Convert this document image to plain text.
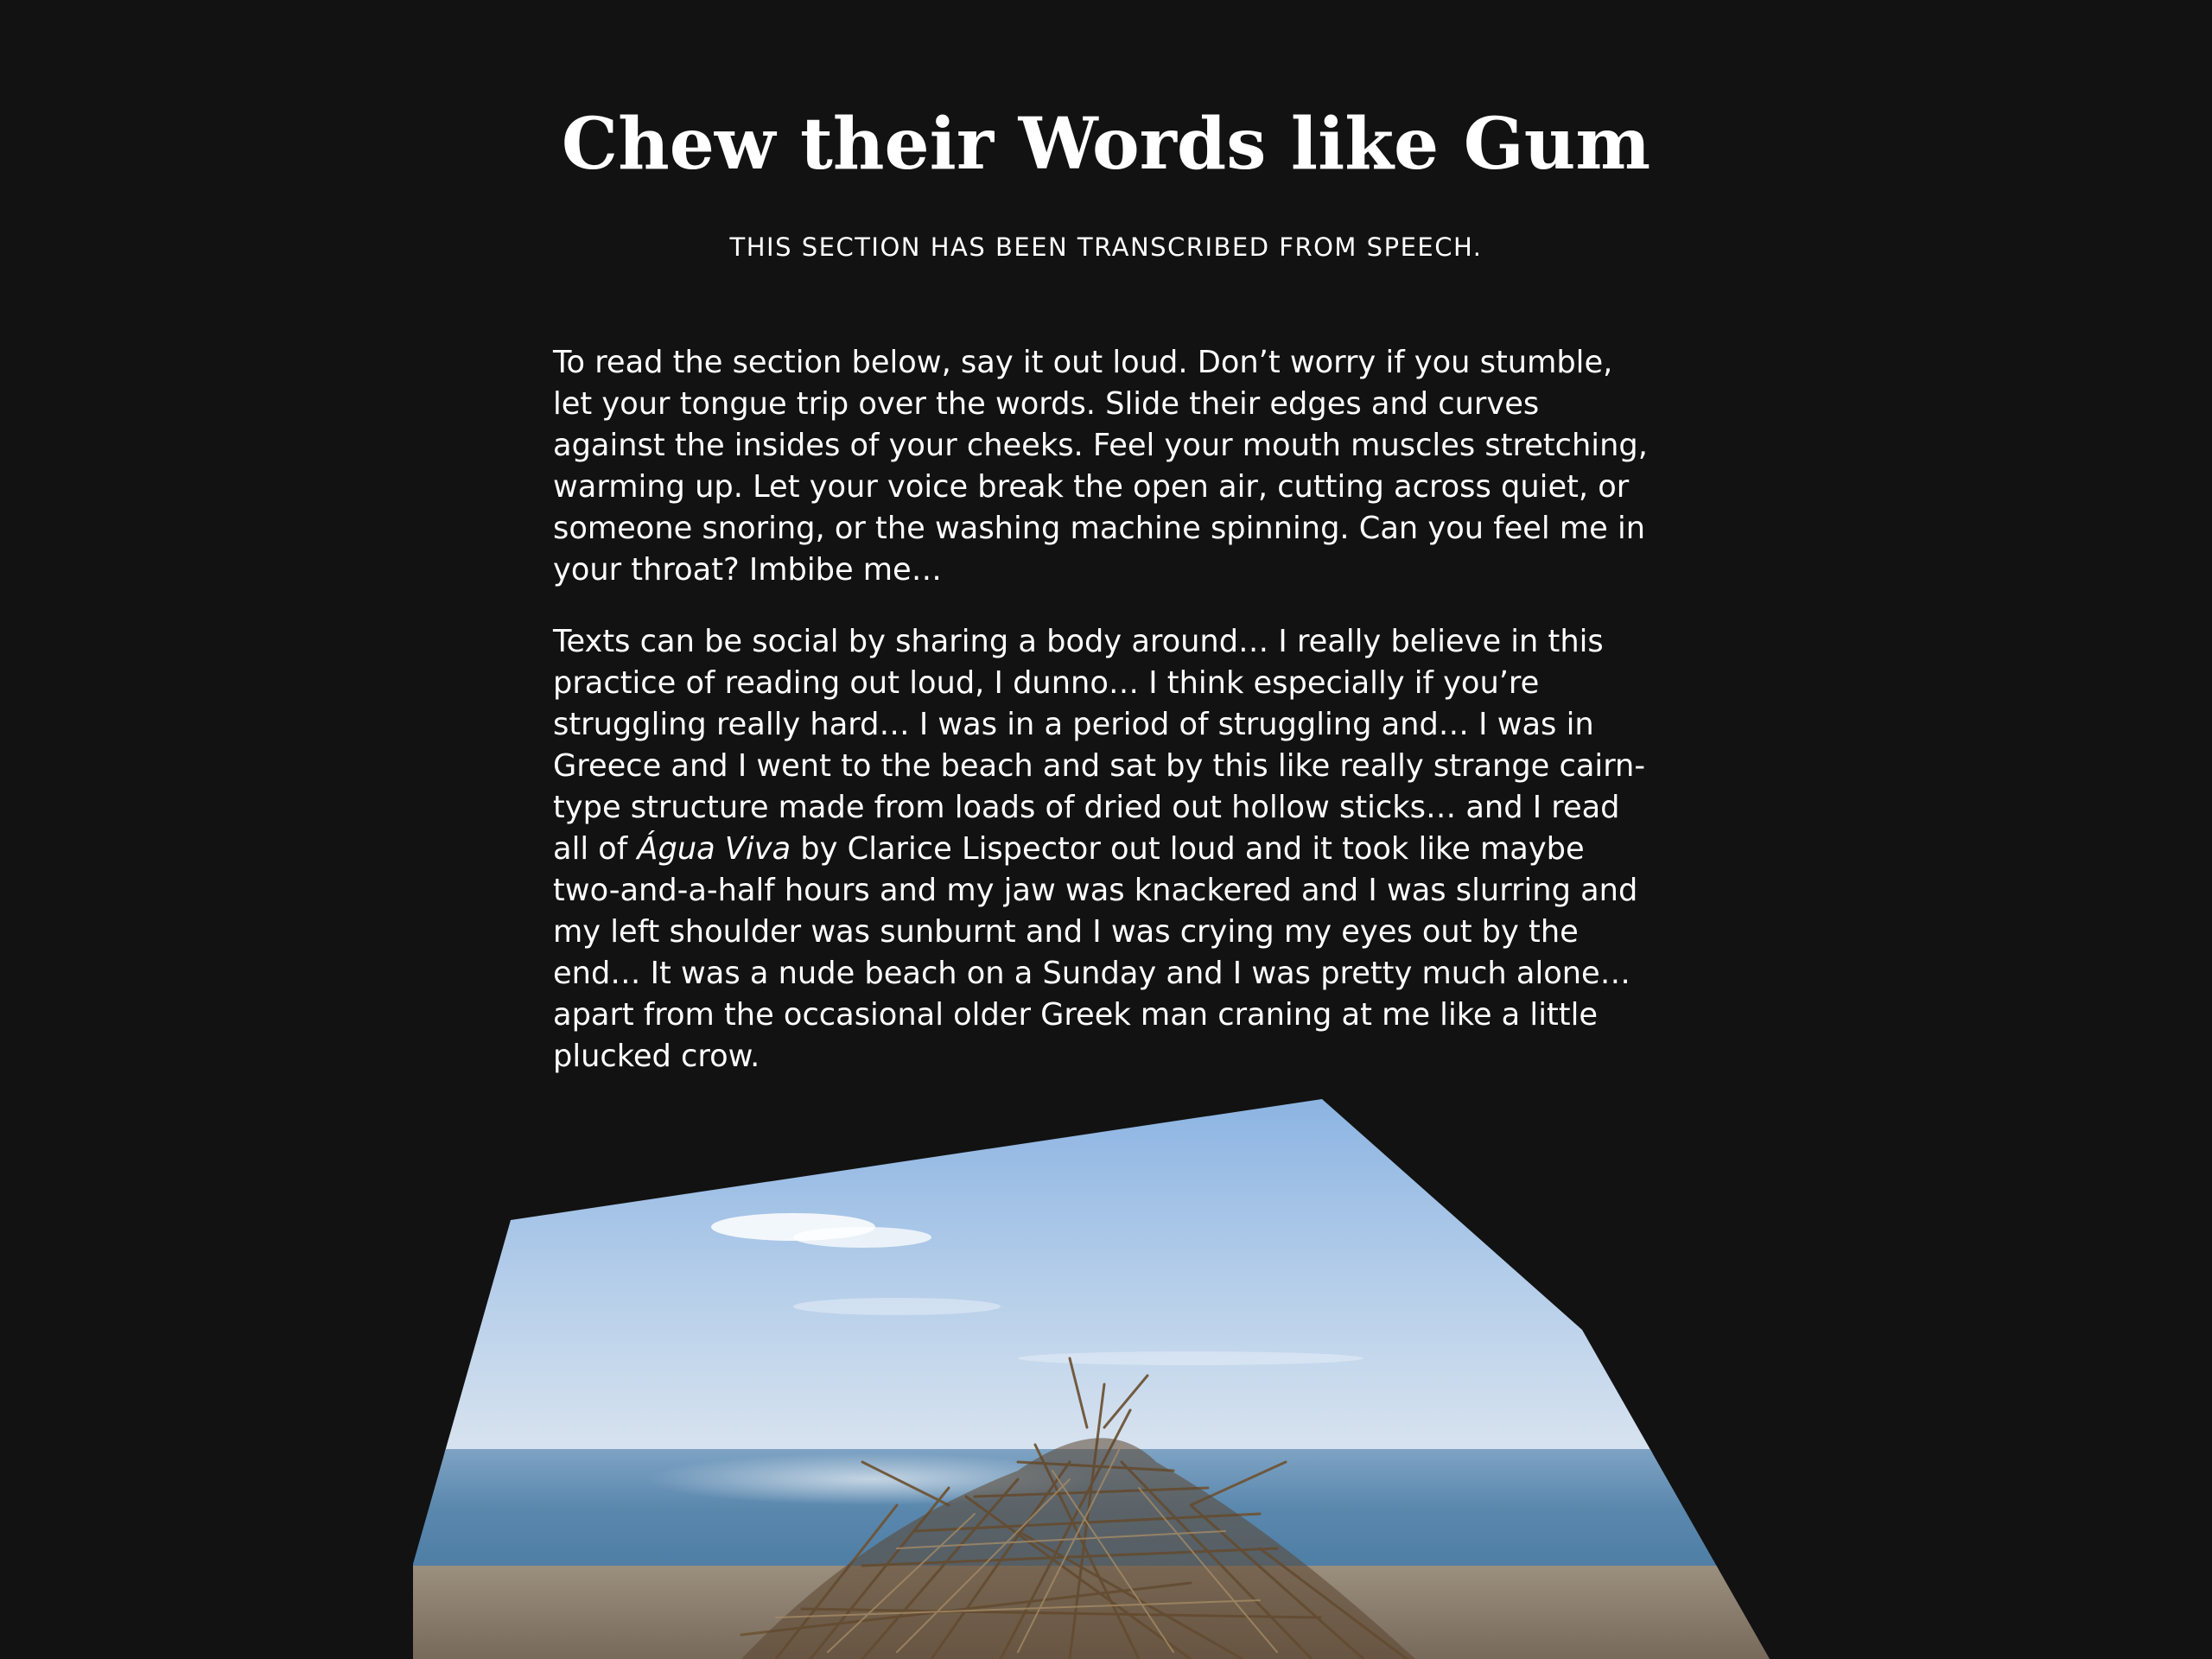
Chew their Words like Gum

THIS SECTION HAS BEEN TRANSCRIBED FROM SPEECH.

To read the section below, say it out loud. Don’t worry if you stumble, let your tongue trip over the words. Slide their edges and curves against the insides of your cheeks. Feel your mouth muscles stretching, warming up. Let your voice break the open air, cutting across quiet, or someone snoring, or the washing machine spinning. Can you feel me in your throat? Imbibe me…

Texts can be social by sharing a body around… I really believe in this practice of reading out loud, I dunno… I think especially if you’re struggling really hard… I was in a period of struggling and… I was in Greece and I went to the beach and sat by this like really strange cairn-type structure made from loads of dried out hollow sticks… and I read all of Água Viva by Clarice Lispector out loud and it took like maybe two-and-a-half hours and my jaw was knackered and I was slurring and my left shoulder was sunburnt and I was crying my eyes out by the end… It was a nude beach on a Sunday and I was pretty much alone… apart from the occasional older Greek man craning at me like a little plucked crow.
